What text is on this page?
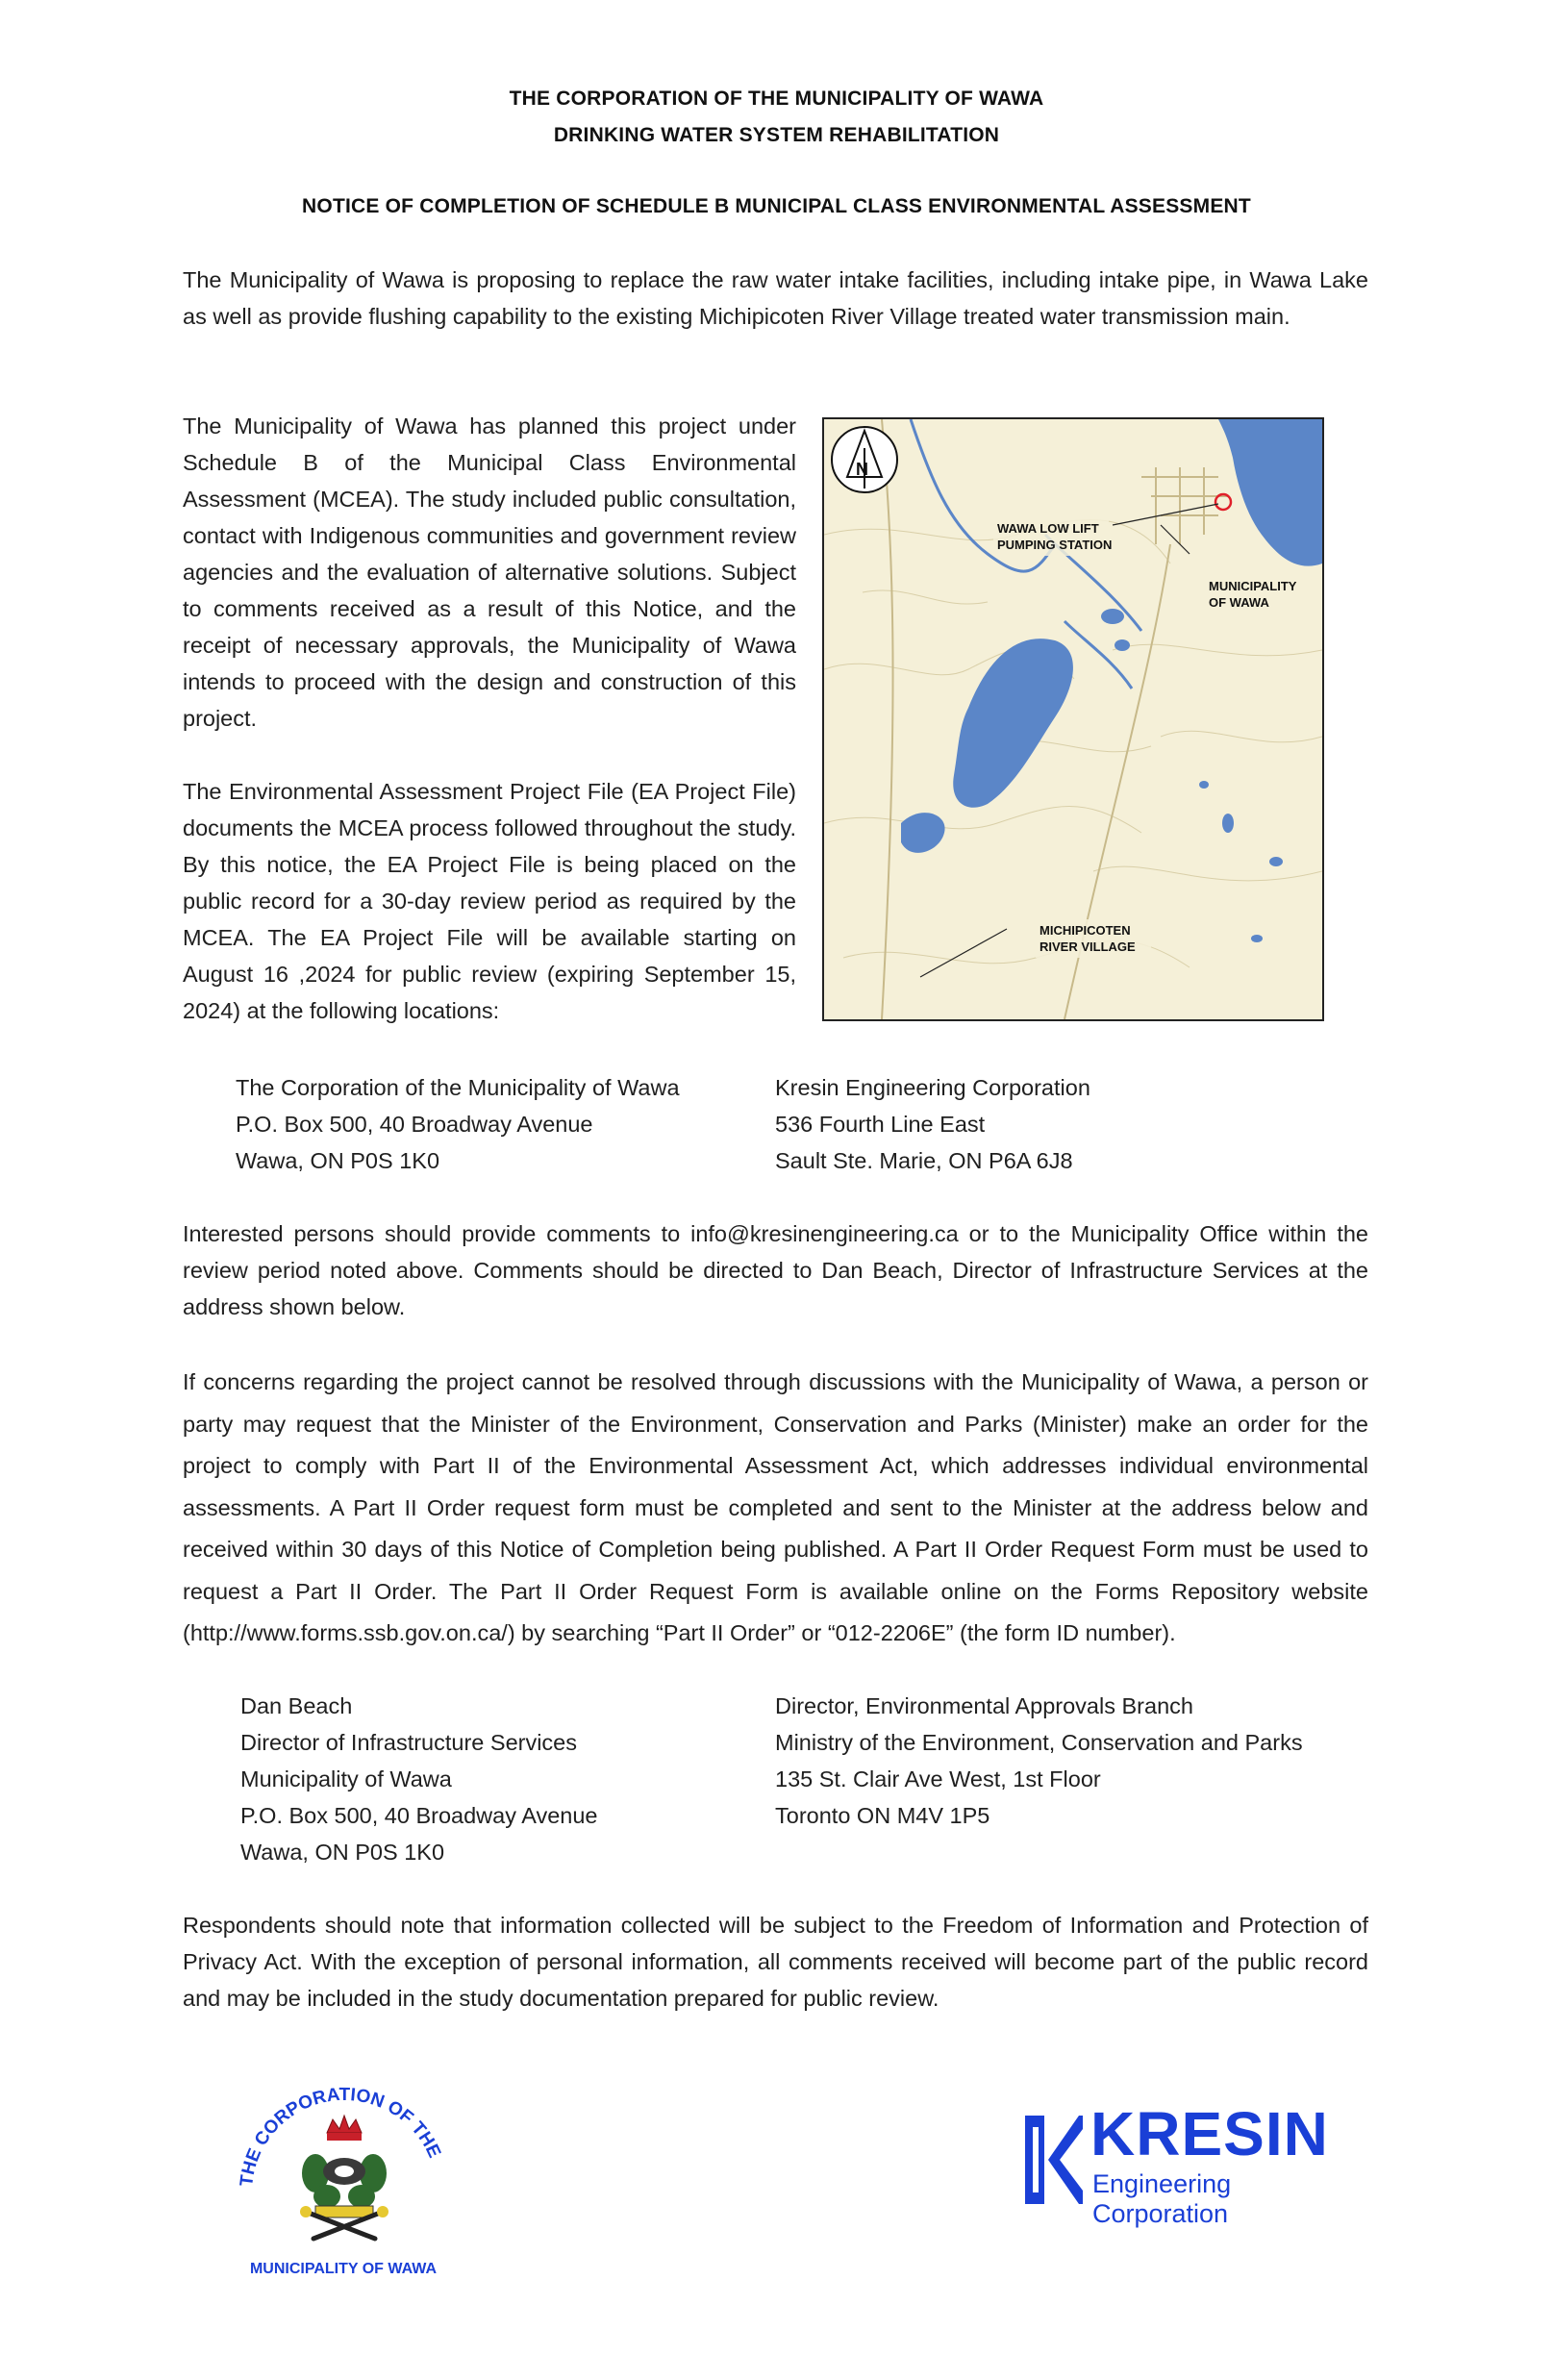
THE CORPORATION OF THE MUNICIPALITY OF WAWA
DRINKING WATER SYSTEM REHABILITATION
NOTICE OF COMPLETION OF SCHEDULE B MUNICIPAL CLASS ENVIRONMENTAL ASSESSMENT
The Municipality of Wawa is proposing to replace the raw water intake facilities, including intake pipe, in Wawa Lake as well as provide flushing capability to the existing Michipicoten River Village treated water transmission main.
The Municipality of Wawa has planned this project under Schedule B of the Municipal Class Environmental Assessment (MCEA). The study included public consultation, contact with Indigenous communities and government review agencies and the evaluation of alternative solutions. Subject to comments received as a result of this Notice, and the receipt of necessary approvals, the Municipality of Wawa intends to proceed with the design and construction of this project.
The Environmental Assessment Project File (EA Project File) documents the MCEA process followed throughout the study. By this notice, the EA Project File is being placed on the public record for a 30-day review period as required by the MCEA. The EA Project File will be available starting on August 16 ,2024 for public review (expiring September 15, 2024) at the following locations:
N
WAWA LOW LIFT
PUMPING STATION
MUNICIPALITY
OF WAWA
MICHIPICOTEN
RIVER VILLAGE
The Corporation of the Municipality of Wawa
P.O. Box 500, 40 Broadway Avenue
Wawa, ON P0S 1K0
Kresin Engineering Corporation
536 Fourth Line East
Sault Ste. Marie, ON P6A 6J8
Interested persons should provide comments to info@kresinengineering.ca or to the Municipality Office within the review period noted above. Comments should be directed to Dan Beach, Director of Infrastructure Services at the address shown below.
If concerns regarding the project cannot be resolved through discussions with the Municipality of Wawa, a person or party may request that the Minister of the Environment, Conservation and Parks (Minister) make an order for the project to comply with Part II of the Environmental Assessment Act, which addresses individual environmental assessments. A Part II Order request form must be completed and sent to the Minister at the address below and received within 30 days of this Notice of Completion being published. A Part II Order Request Form must be used to request a Part II Order. The Part II Order Request Form is available online on the Forms Repository website (http://www.forms.ssb.gov.on.ca/) by searching “Part II Order” or “012-2206E” (the form ID number).
Dan Beach
Director of Infrastructure Services
Municipality of Wawa
P.O. Box 500, 40 Broadway Avenue
Wawa, ON P0S 1K0
Director, Environmental Approvals Branch
Ministry of the Environment, Conservation and Parks
135 St. Clair Ave West, 1st Floor
Toronto ON M4V 1P5
Respondents should note that information collected will be subject to the Freedom of Information and Protection of Privacy Act. With the exception of personal information, all comments received will become part of the public record and may be included in the study documentation prepared for public review.
THE CORPORATION OF THE
MUNICIPALITY OF WAWA
KRESIN
Engineering Corporation
